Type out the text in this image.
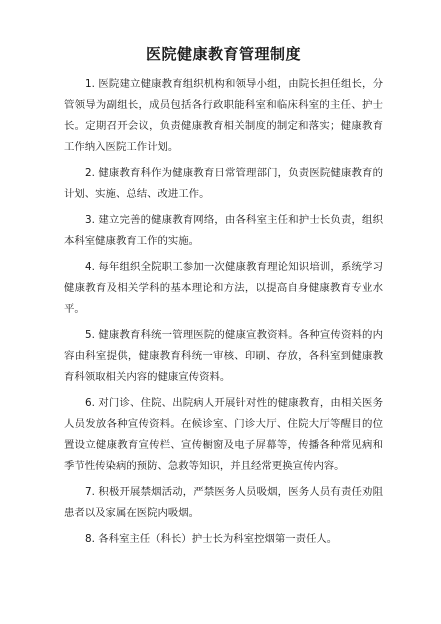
医院健康教育管理制度

1. 医院建立健康教育组织机构和领导小组，由院长担任组长，分管领导为副组长，成员包括各行政职能科室和临床科室的主任、护士长。定期召开会议，负责健康教育相关制度的制定和落实；健康教育工作纳入医院工作计划。

2. 健康教育科作为健康教育日常管理部门，负责医院健康教育的计划、实施、总结、改进工作。

3. 建立完善的健康教育网络，由各科室主任和护士长负责，组织本科室健康教育工作的实施。

4. 每年组织全院职工参加一次健康教育理论知识培训，系统学习健康教育及相关学科的基本理论和方法，以提高自身健康教育专业水平。

5. 健康教育科统一管理医院的健康宣教资料。各种宣传资料的内容由科室提供，健康教育科统一审核、印刷、存放，各科室到健康教育科领取相关内容的健康宣传资料。

6. 对门诊、住院、出院病人开展针对性的健康教育，由相关医务人员发放各种宣传资料。在候诊室、门诊大厅、住院大厅等醒目的位置设立健康教育宣传栏、宣传橱窗及电子屏幕等，传播各种常见病和季节性传染病的预防、急救等知识，并且经常更换宣传内容。

7. 积极开展禁烟活动，严禁医务人员吸烟，医务人员有责任劝阻患者以及家属在医院内吸烟。

8. 各科室主任（科长）护士长为科室控烟第一责任人。
